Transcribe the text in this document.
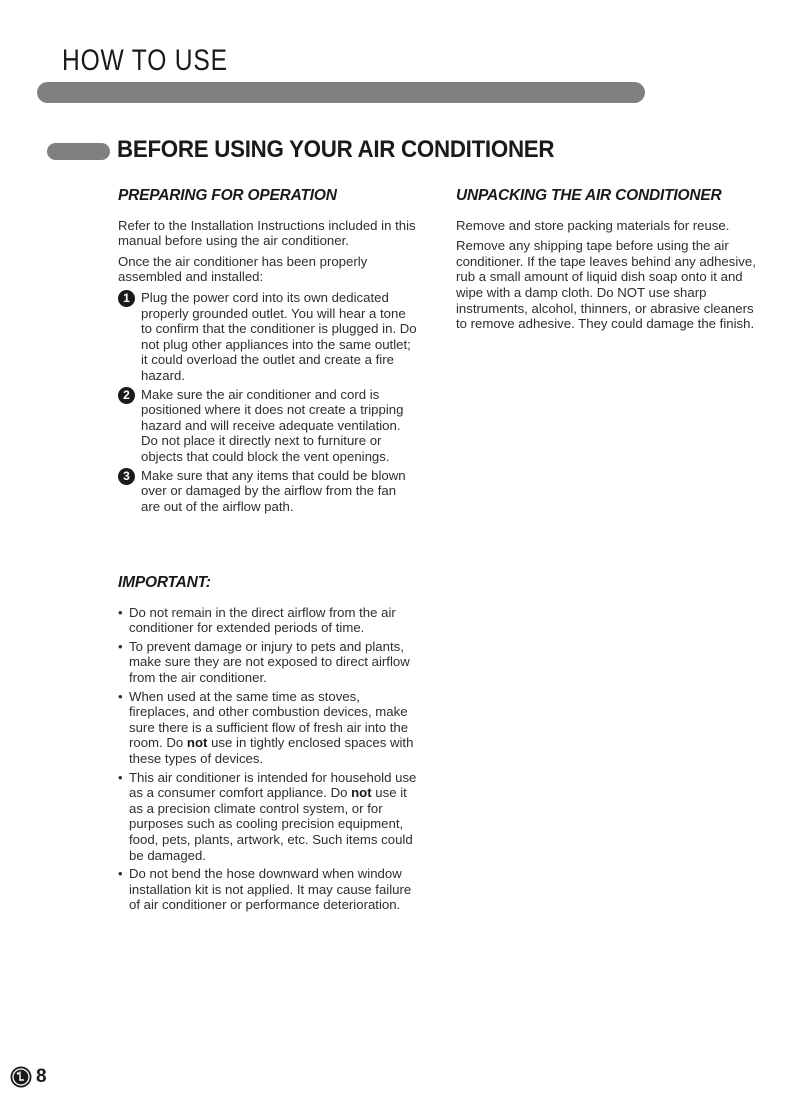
HOW TO USE
BEFORE USING YOUR AIR CONDITIONER
PREPARING FOR OPERATION

Refer to the Installation Instructions included in this manual before using the air conditioner.

Once the air conditioner has been properly assembled and installed:

1 Plug the power cord into its own dedicated properly grounded outlet. You will hear a tone to confirm that the conditioner is plugged in. Do not plug other appliances into the same outlet; it could overload the outlet and create a fire hazard.
2 Make sure the air conditioner and cord is positioned where it does not create a tripping hazard and will receive adequate ventilation. Do not place it directly next to furniture or objects that could block the vent openings.
3 Make sure that any items that could be blown over or damaged by the airflow from the fan are out of the airflow path.
IMPORTANT:
• Do not remain in the direct airflow from the air conditioner for extended periods of time.
• To prevent damage or injury to pets and plants, make sure they are not exposed to direct airflow from the air conditioner.
• When used at the same time as stoves, fireplaces, and other combustion devices, make sure there is a sufficient flow of fresh air into the room. Do not use in tightly enclosed spaces with these types of devices.
• This air conditioner is intended for household use as a consumer comfort appliance. Do not use it as a precision climate control system, or for purposes such as cooling precision equipment, food, pets, plants, artwork, etc. Such items could be damaged.
• Do not bend the hose downward when window installation kit is not applied. It may cause failure of air conditioner or performance deterioration.
UNPACKING THE AIR CONDITIONER

Remove and store packing materials for reuse.

Remove any shipping tape before using the air conditioner. If the tape leaves behind any adhesive, rub a small amount of liquid dish soap onto it and wipe with a damp cloth. Do NOT use sharp instruments, alcohol, thinners, or abrasive cleaners to remove adhesive. They could damage the finish.

8
